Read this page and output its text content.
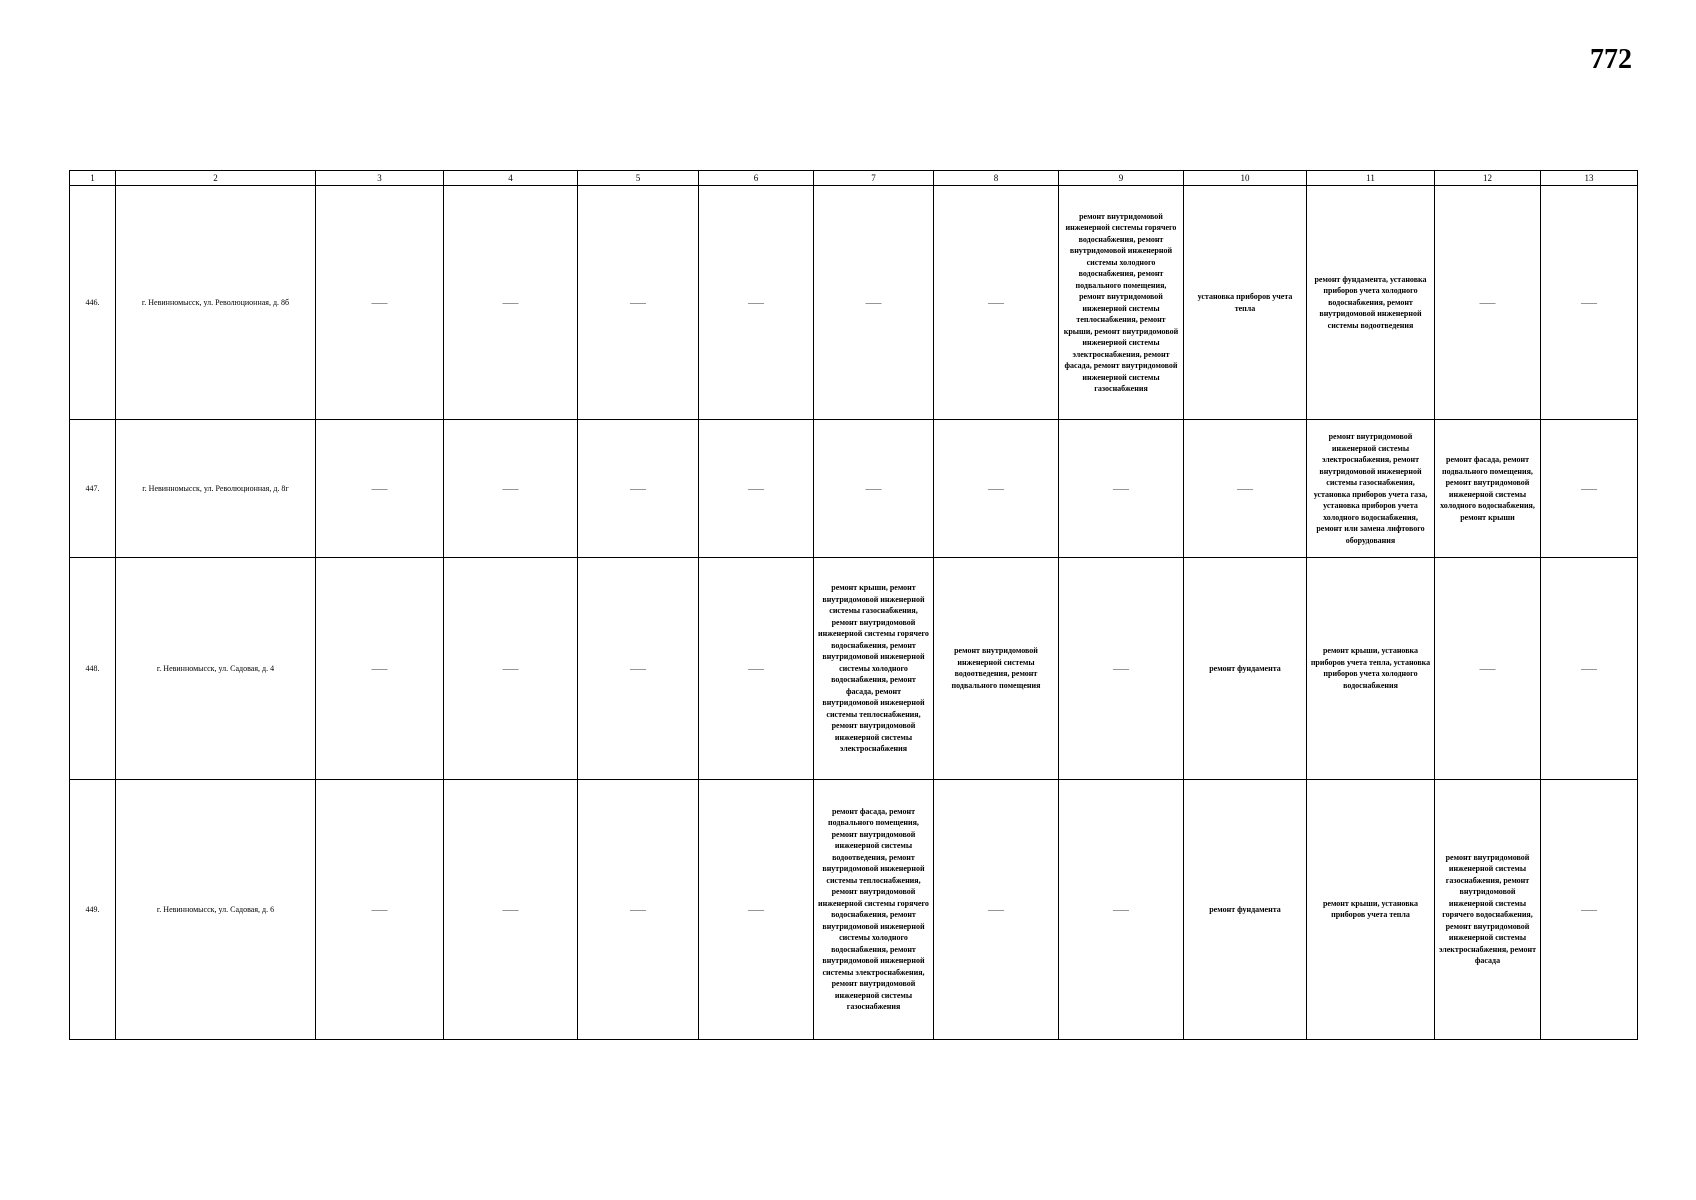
772
1	2	3	4	5	6	7	8	9	10	11	12	13
446.	г. Невинномысск, ул. Революционная, д. 8б	——	——	——	——	——	——	ремонт внутридомовой инженерной системы горячего водоснабжения, ремонт внутридомовой инженерной системы холодного водоснабжения, ремонт подвального помещения, ремонт внутридомовой инженерной системы теплоснабжения, ремонт крыши, ремонт внутридомовой инженерной системы электроснабжения, ремонт фасада, ремонт внутридомовой инженерной системы газоснабжения	установка приборов учета тепла	ремонт фундамента, установка приборов учета холодного водоснабжения, ремонт внутридомовой инженерной системы водоотведения	——	——
447.	г. Невинномысск, ул. Революционная, д. 8г	——	——	——	——	——	——	——	——	ремонт внутридомовой инженерной системы электроснабжения, ремонт внутридомовой инженерной системы газоснабжения, установка приборов учета газа, установка приборов учета холодного водоснабжения, ремонт или замена лифтового оборудования	ремонт фасада, ремонт подвального помещения, ремонт внутридомовой инженерной системы холодного водоснабжения, ремонт крыши	——
448.	г. Невинномысск, ул. Садовая, д. 4	——	——	——	——	ремонт крыши, ремонт внутридомовой инженерной системы газоснабжения, ремонт внутридомовой инженерной системы горячего водоснабжения, ремонт внутридомовой инженерной системы холодного водоснабжения, ремонт фасада, ремонт внутридомовой инженерной системы теплоснабжения, ремонт внутридомовой инженерной системы электроснабжения	ремонт внутридомовой инженерной системы водоотведения, ремонт подвального помещения	——	ремонт фундамента	ремонт крыши, установка приборов учета тепла, установка приборов учета холодного водоснабжения	——	——
449.	г. Невинномысск, ул. Садовая, д. 6	——	——	——	——	ремонт фасада, ремонт подвального помещения, ремонт внутридомовой инженерной системы водоотведения, ремонт внутридомовой инженерной системы теплоснабжения, ремонт внутридомовой инженерной системы горячего водоснабжения, ремонт внутридомовой инженерной системы холодного водоснабжения, ремонт внутридомовой инженерной системы электроснабжения, ремонт внутридомовой инженерной системы газоснабжения	——	——	ремонт фундамента	ремонт крыши, установка приборов учета тепла	ремонт внутридомовой инженерной системы газоснабжения, ремонт внутридомовой инженерной системы горячего водоснабжения, ремонт внутридомовой инженерной системы электроснабжения, ремонт фасада	——
